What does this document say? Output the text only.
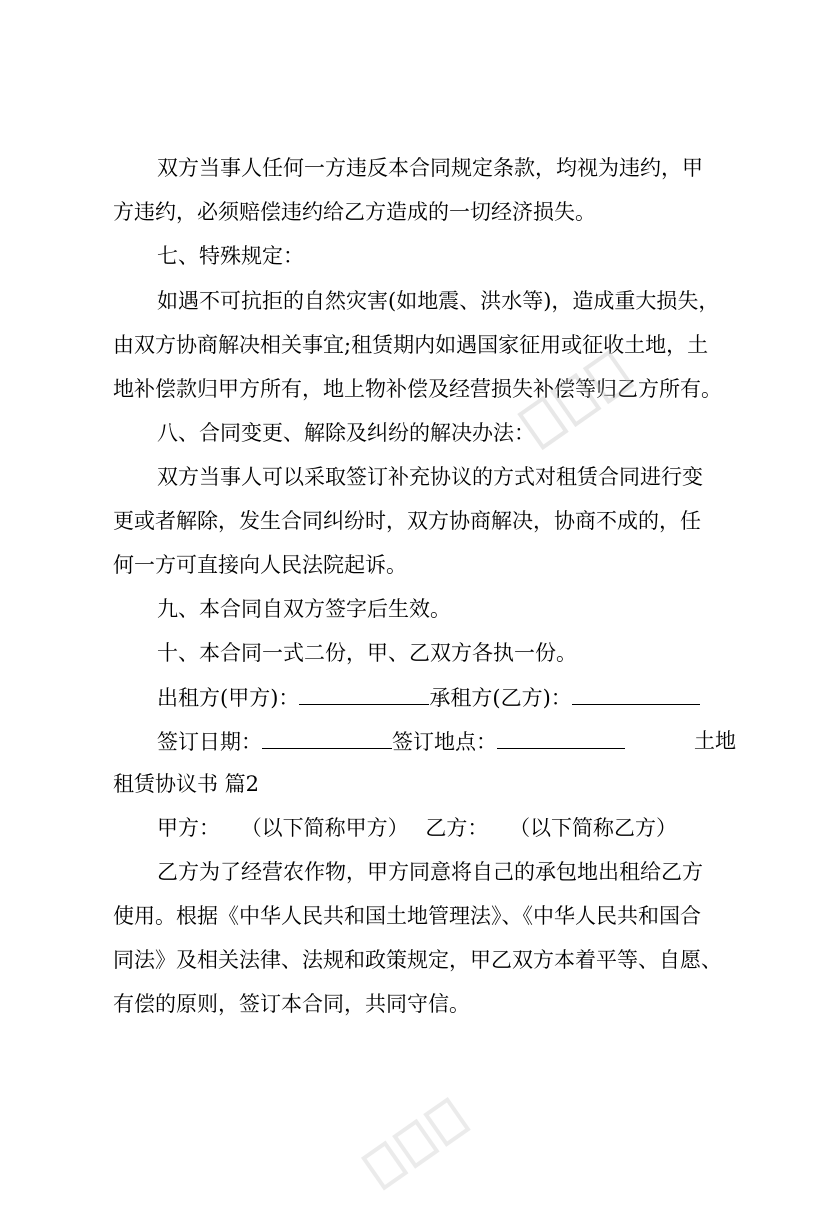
双方当事人任何一方违反本合同规定条款，均视为违约，甲
方违约，必须赔偿违约给乙方造成的一切经济损失。
七、特殊规定：
如遇不可抗拒的自然灾害(如地震、洪水等)，造成重大损失，
由双方协商解决相关事宜;租赁期内如遇国家征用或征收土地，土
地补偿款归甲方所有，地上物补偿及经营损失补偿等归乙方所有。
八、合同变更、解除及纠纷的解决办法：
双方当事人可以采取签订补充协议的方式对租赁合同进行变
更或者解除，发生合同纠纷时，双方协商解决，协商不成的，任
何一方可直接向人民法院起诉。
九、本合同自双方签字后生效。
十、本合同一式二份，甲、乙双方各执一份。
出租方(甲方)：	承租方(乙方)：
签订日期：	签订地点：	土地
租赁协议书 篇2
甲方： （以下简称甲方） 乙方： （以下简称乙方）
乙方为了经营农作物，甲方同意将自己的承包地出租给乙方
使用。根据《中华人民共和国土地管理法》、《中华人民共和国合
同法》及相关法律、法规和政策规定，甲乙双方本着平等、自愿、
有偿的原则，签订本合同，共同守信。
